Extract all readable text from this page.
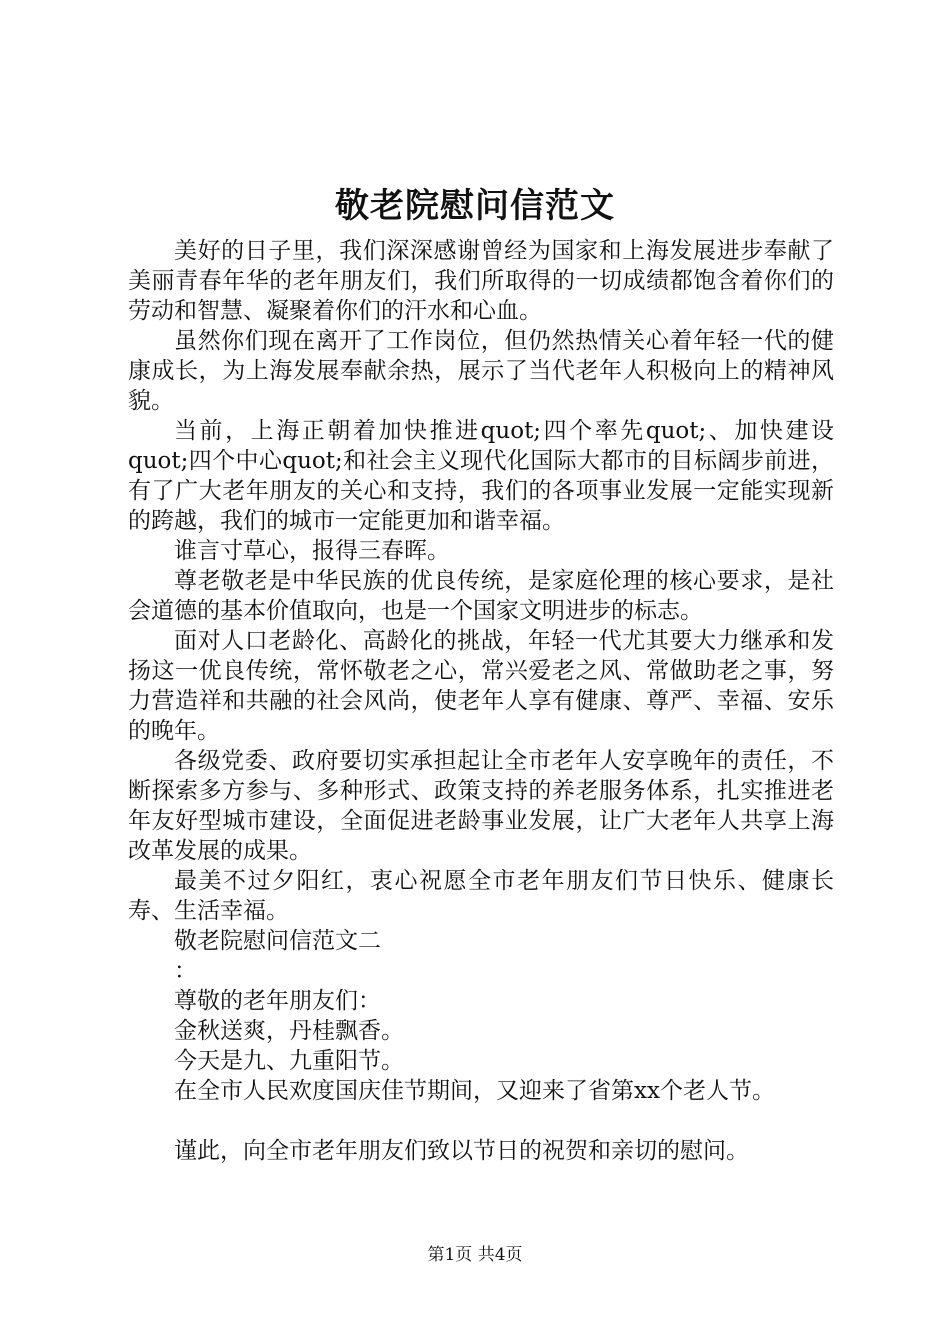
敬老院慰问信范文

美好的日子里，我们深深感谢曾经为国家和上海发展进步奉献了美丽青春年华的老年朋友们，我们所取得的一切成绩都饱含着你们的劳动和智慧、凝聚着你们的汗水和心血。

虽然你们现在离开了工作岗位，但仍然热情关心着年轻一代的健康成长，为上海发展奉献余热，展示了当代老年人积极向上的精神风貌。

当前，上海正朝着加快推进quot;四个率先quot;、加快建设quot;四个中心quot;和社会主义现代化国际大都市的目标阔步前进，有了广大老年朋友的关心和支持，我们的各项事业发展一定能实现新的跨越，我们的城市一定能更加和谐幸福。

谁言寸草心，报得三春晖。

尊老敬老是中华民族的优良传统，是家庭伦理的核心要求，是社会道德的基本价值取向，也是一个国家文明进步的标志。

面对人口老龄化、高龄化的挑战，年轻一代尤其要大力继承和发扬这一优良传统，常怀敬老之心，常兴爱老之风、常做助老之事，努力营造祥和共融的社会风尚，使老年人享有健康、尊严、幸福、安乐的晚年。

各级党委、政府要切实承担起让全市老年人安享晚年的责任，不断探索多方参与、多种形式、政策支持的养老服务体系，扎实推进老年友好型城市建设，全面促进老龄事业发展，让广大老年人共享上海改革发展的成果。

最美不过夕阳红，衷心祝愿全市老年朋友们节日快乐、健康长寿、生活幸福。

敬老院慰问信范文二

：

尊敬的老年朋友们：

金秋送爽，丹桂飘香。

今天是九、九重阳节。

在全市人民欢度国庆佳节期间，又迎来了省第xx个老人节。

谨此，向全市老年朋友们致以节日的祝贺和亲切的慰问。

第1页 共4页
